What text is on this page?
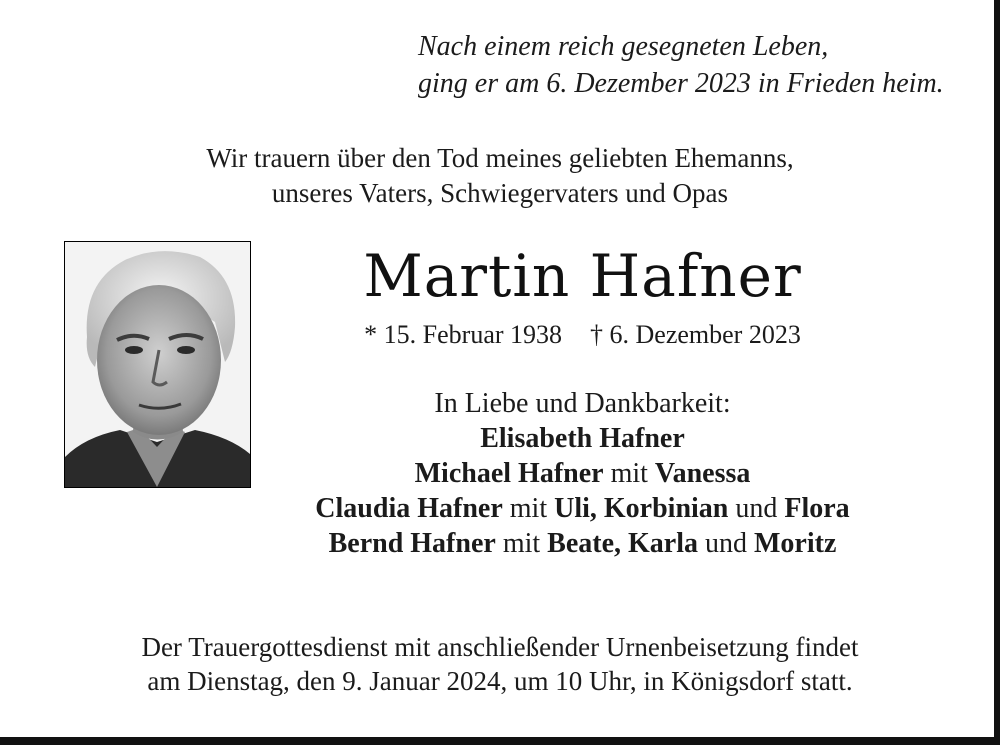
Nach einem reich gesegneten Leben,
ging er am 6. Dezember 2023 in Frieden heim.
Wir trauern über den Tod meines geliebten Ehemanns,
unseres Vaters, Schwiegervaters und Opas
Martin Hafner
* 15. Februar 1938 † 6. Dezember 2023
In Liebe und Dankbarkeit:
Elisabeth Hafner
Michael Hafner mit Vanessa
Claudia Hafner mit Uli, Korbinian und Flora
Bernd Hafner mit Beate, Karla und Moritz
Der Trauergottesdienst mit anschließender Urnenbeisetzung findet
am Dienstag, den 9. Januar 2024, um 10 Uhr, in Königsdorf statt.
